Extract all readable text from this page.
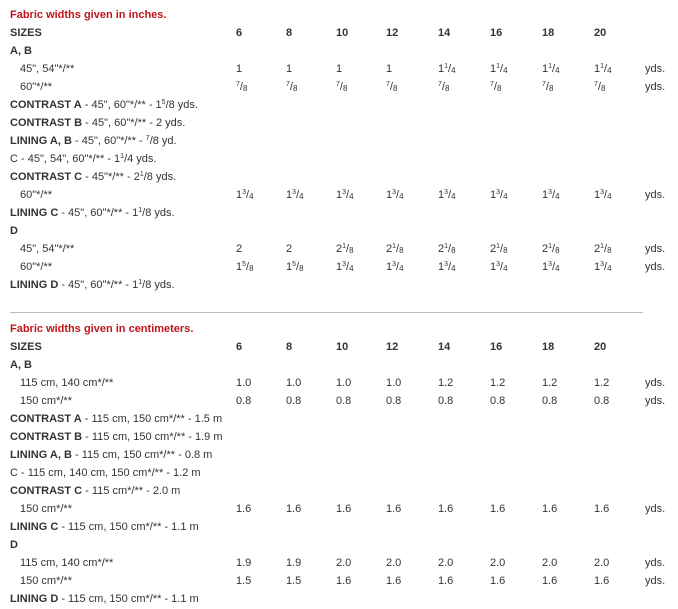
Fabric widths given in inches.
SIZES	6	8	10	12	14	16	18	20
A, B
45", 54"*/**	1	1	1	1	$1^1/_4$	$1^1/_4$	$1^1/_4$	$1^1/_4$	yds.
60"*/**	$^7/_8$	$^7/_8$	$^7/_8$	$^7/_8$	$^7/_8$	$^7/_8$	$^7/_8$	$^7/_8$	yds.
CONTRAST A - 45", 60"*/** - $1^5/8$ yds.
CONTRAST B - 45", 60"*/** - 2 yds.
LINING A, B - 45", 60"*/** - $^7$/8 yd.
C - 45", 54", 60"*/** - $1^1/4$ yds.
CONTRAST C - 45"*/** - $2^1/8$ yds.
60"*/**	$1^3/_4$	$1^3/_4$	$1^3/_4$	$1^3/_4$	$1^3/_4$	$1^3/_4$	$1^3/_4$	$1^3/_4$	yds.
LINING C - 45", 60"*/** - $1^1/8$ yds.
D
45", 54"*/**	2	2	$2^1/_8$	$2^1/_8$	$2^1/_8$	$2^1/_8$	$2^1/_8$	$2^1/_8$	yds.
60"*/**	$1^5/_8$	$1^5/_8$	$1^3/_4$	$1^3/_4$	$1^3/_4$	$1^3/_4$	$1^3/_4$	$1^3/_4$	yds.
LINING D - 45", 60"*/** - $1^1/8$ yds.
Fabric widths given in centimeters.
SIZES	6	8	10	12	14	16	18	20
A, B
115 cm, 140 cm*/**	1.0	1.0	1.0	1.0	1.2	1.2	1.2	1.2	yds.
150 cm*/**	0.8	0.8	0.8	0.8	0.8	0.8	0.8	0.8	yds.
CONTRAST A - 115 cm, 150 cm*/** - 1.5 m
CONTRAST B - 115 cm, 150 cm*/** - 1.9 m
LINING A, B - 115 cm, 150 cm*/** - 0.8 m
C - 115 cm, 140 cm, 150 cm*/** - 1.2 m
CONTRAST C - 115 cm*/** - 2.0 m
150 cm*/**	1.6	1.6	1.6	1.6	1.6	1.6	1.6	1.6	yds.
LINING C - 115 cm, 150 cm*/** - 1.1 m
D
115 cm, 140 cm*/**	1.9	1.9	2.0	2.0	2.0	2.0	2.0	2.0	yds.
150 cm*/**	1.5	1.5	1.6	1.6	1.6	1.6	1.6	1.6	yds.
LINING D - 115 cm, 150 cm*/** - 1.1 m
